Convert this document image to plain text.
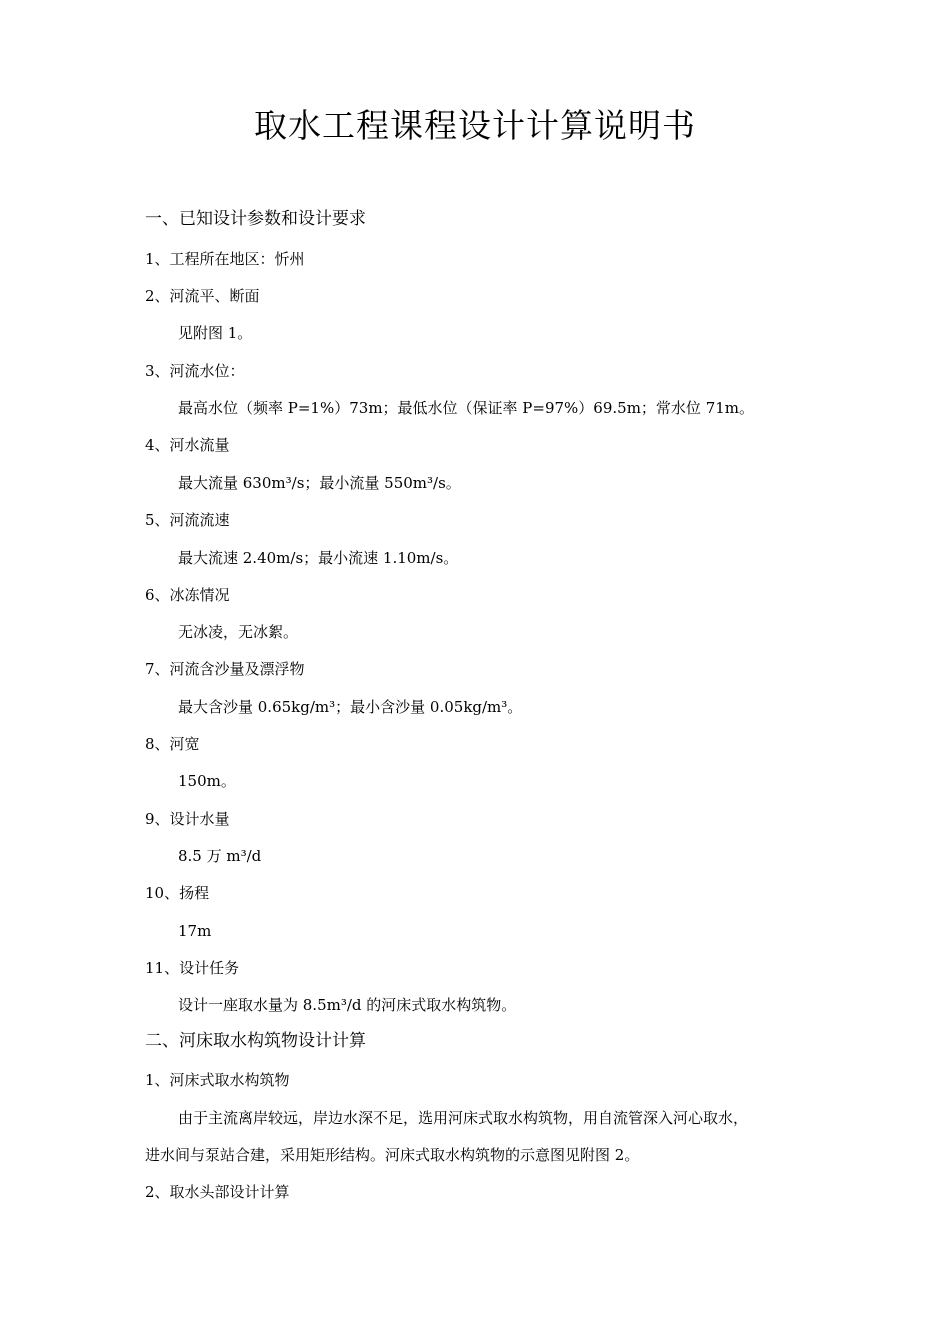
取水工程课程设计计算说明书
一、已知设计参数和设计要求
1、工程所在地区：忻州
2、河流平、断面
见附图 1。
3、河流水位：
最高水位（频率 P=1%）73m；最低水位（保证率 P=97%）69.5m；常水位 71m。
4、河水流量
最大流量 630m³/s；最小流量 550m³/s。
5、河流流速
最大流速 2.40m/s；最小流速 1.10m/s。
6、冰冻情况
无冰凌，无冰絮。
7、河流含沙量及漂浮物
最大含沙量 0.65kg/m³；最小含沙量 0.05kg/m³。
8、河宽
150m。
9、设计水量
8.5 万 m³/d
10、扬程
17m
11、设计任务
设计一座取水量为 8.5m³/d 的河床式取水构筑物。
二、河床取水构筑物设计计算
1、河床式取水构筑物
由于主流离岸较远，岸边水深不足，选用河床式取水构筑物，用自流管深入河心取水，
进水间与泵站合建，采用矩形结构。河床式取水构筑物的示意图见附图 2。
2、取水头部设计计算
